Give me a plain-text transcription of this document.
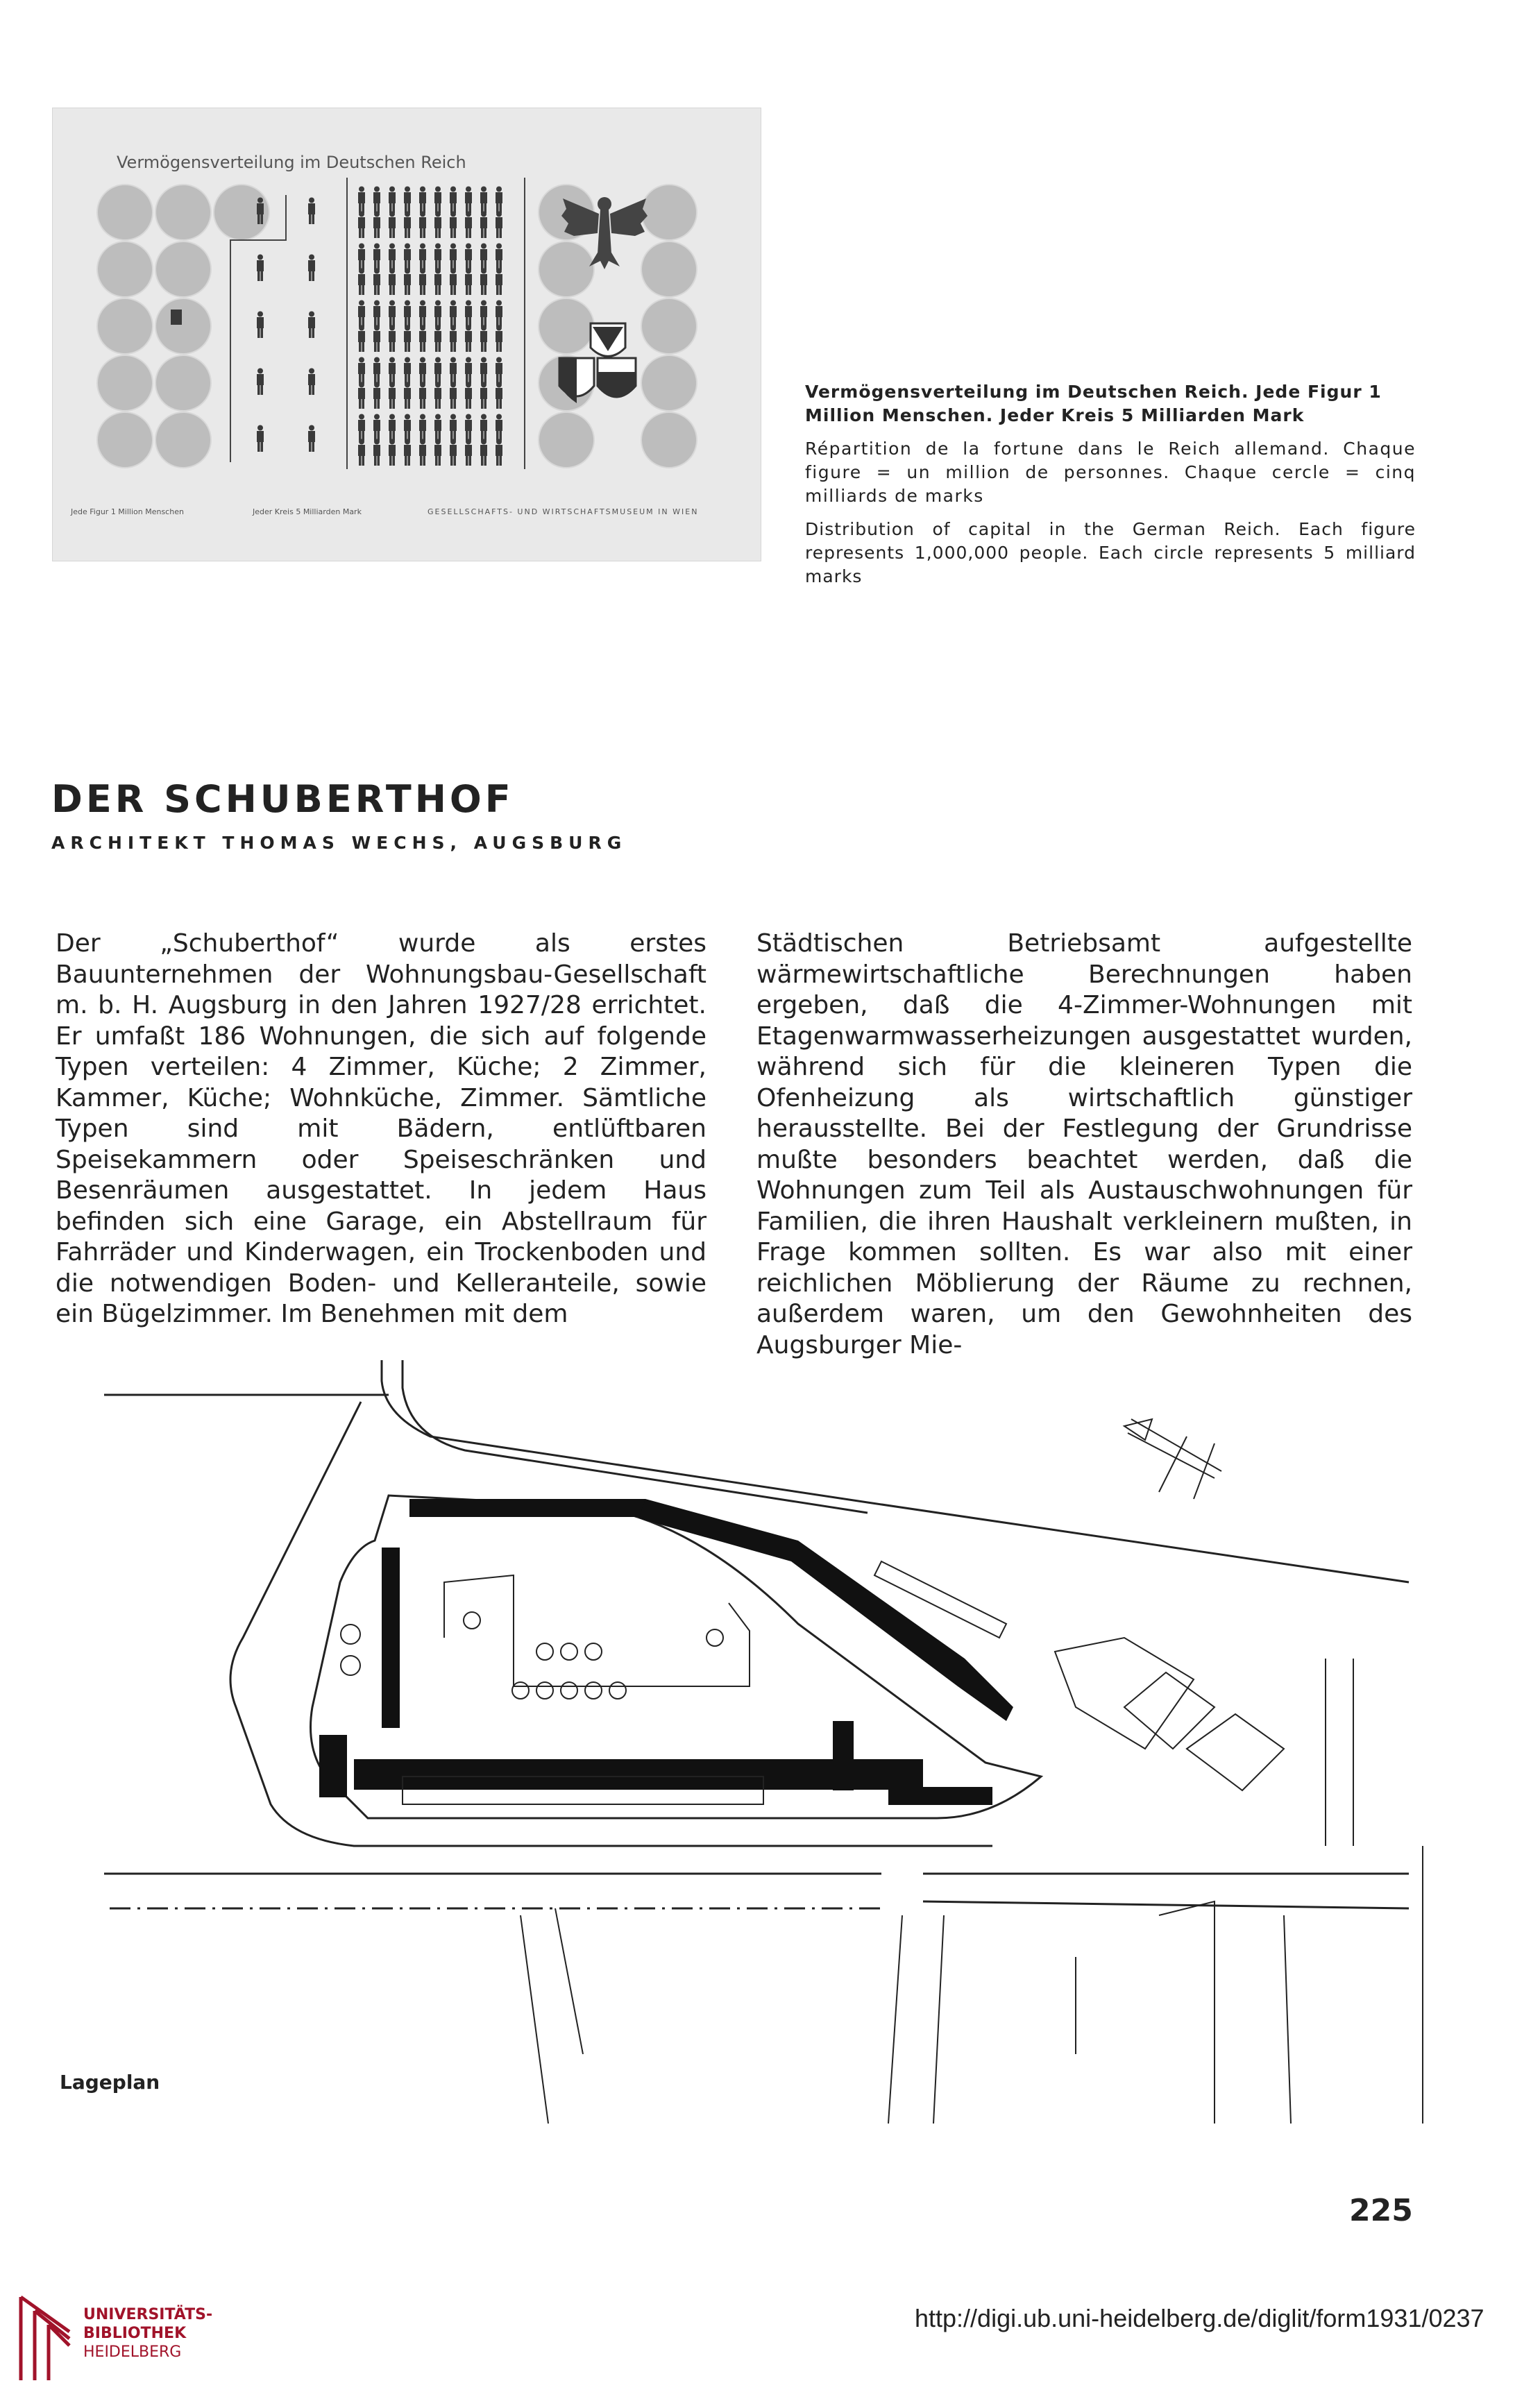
Vermögensverteilung im Deutschen Reich
Jede Figur 1 Million Menschen	Jeder Kreis 5 Milliarden Mark	GESELLSCHAFTS- UND WIRTSCHAFTSMUSEUM IN WIEN
Vermögensverteilung im Deutschen Reich. Jede Figur 1 Million Menschen. Jeder Kreis 5 Milliarden Mark
Répartition de la fortune dans le Reich allemand. Chaque figure = un million de personnes. Chaque cercle = cinq milliards de marks
Distribution of capital in the German Reich. Each figure represents 1,000,000 people. Each circle represents 5 milliard marks
DER SCHUBERTHOF
ARCHITEKT THOMAS WECHS, AUGSBURG

Der „Schuberthof“ wurde als erstes Bauunternehmen der Wohnungsbau-Gesellschaft m. b. H. Augsburg in den Jahren 1927/28 errichtet. Er umfaßt 186 Wohnungen, die sich auf folgende Typen verteilen: 4 Zimmer, Küche; 2 Zimmer, Kammer, Küche; Wohnküche, Zimmer. Sämtliche Typen sind mit Bädern, entlüftbaren Speisekammern oder Speiseschränken und Besenräumen ausgestattet. In jedem Haus befinden sich eine Garage, ein Abstellraum für Fahrräder und Kinderwagen, ein Trockenboden und die notwendigen Boden- und Kellerанteile, sowie ein Bügelzimmer. Im Benehmen mit dem

Städtischen Betriebsamt aufgestellte wärmewirtschaftliche Berechnungen haben ergeben, daß die 4-Zimmer-Wohnungen mit Etagenwarmwasserheizungen ausgestattet wurden, während sich für die kleineren Typen die Ofenheizung als wirtschaftlich günstiger herausstellte. Bei der Festlegung der Grundrisse mußte besonders beachtet werden, daß die Wohnungen zum Teil als Austauschwohnungen für Familien, die ihren Haushalt verkleinern mußten, in Frage kommen sollten. Es war also mit einer reichlichen Möblierung der Räume zu rechnen, außerdem waren, um den Gewohnheiten des Augsburger Mie-

Lageplan
225
UNIVERSITÄTS-
BIBLIOTHEK
HEIDELBERG
http://digi.ub.uni-heidelberg.de/diglit/form1931/0237
